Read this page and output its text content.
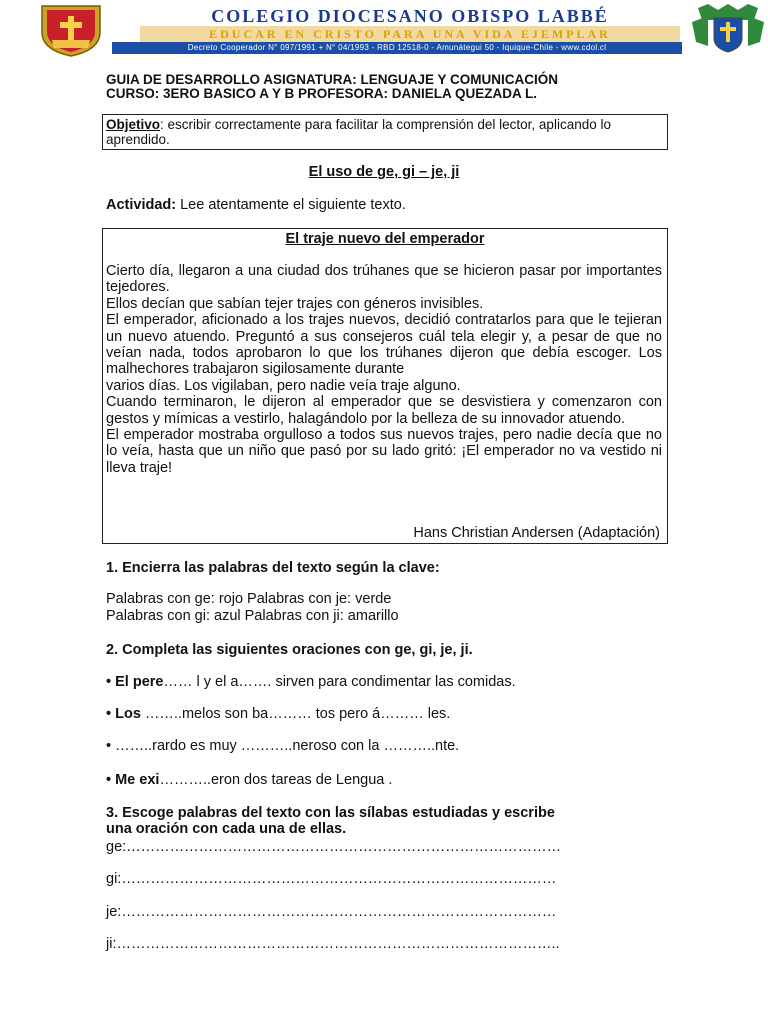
COLEGIO DIOCESANO OBISPO LABBÉ
EDUCAR EN CRISTO PARA UNA VIDA EJEMPLAR
Decreto Cooperador N° 097/1991 + N° 04/1993 - RBD 12518-0 - Amunátegui 50 - Iquique-Chile - www.cdol.cl
GUIA DE DESARROLLO ASIGNATURA: LENGUAJE Y COMUNICACIÓN
CURSO: 3ERO BASICO A Y B PROFESORA: DANIELA QUEZADA L.
Objetivo: escribir correctamente para facilitar la comprensión del lector, aplicando lo aprendido.
El uso de ge, gi – je, ji
Actividad: Lee atentamente el siguiente texto.
El traje nuevo del emperador

Cierto día, llegaron a una ciudad dos trúhanes que se hicieron pasar por importantes tejedores.

Ellos decían que sabían tejer trajes con géneros invisibles.

El emperador, aficionado a los trajes nuevos, decidió contratarlos para que le tejieran un nuevo atuendo. Preguntó a sus consejeros cuál tela elegir y, a pesar de que no veían nada, todos aprobaron lo que los trúhanes dijeron que debía escoger. Los malhechores trabajaron sigilosamente durante

varios días. Los vigilaban, pero nadie veía traje alguno.

Cuando terminaron, le dijeron al emperador que se desvistiera y comenzaron con gestos y mímicas a vestirlo, halagándolo por la belleza de su innovador atuendo.

El emperador mostraba orgulloso a todos sus nuevos trajes, pero nadie decía que no lo veía, hasta que un niño que pasó por su lado gritó: ¡El emperador no va vestido ni lleva traje!

Hans Christian Andersen (Adaptación)
1. Encierra las palabras del texto según la clave:
Palabras con ge: rojo Palabras con je: verde
Palabras con gi: azul Palabras con ji: amarillo
2. Completa las siguientes oraciones con ge, gi, je, ji.
• El pere…… l y el a……. sirven para condimentar las comidas.
• Los ……..melos son ba……… tos pero á……… les.
• ……..rardo es muy ………..neroso con la ………..nte.
• Me exi………..eron dos tareas de Lengua .
3. Escoge palabras del texto con las sílabas estudiadas y escribe
una oración con cada una de ellas.
ge:………………………………………………………………………………
gi:………………………………………………………………………………
je:………………………………………………………………………………
ji:………………………………………………………………………………..
